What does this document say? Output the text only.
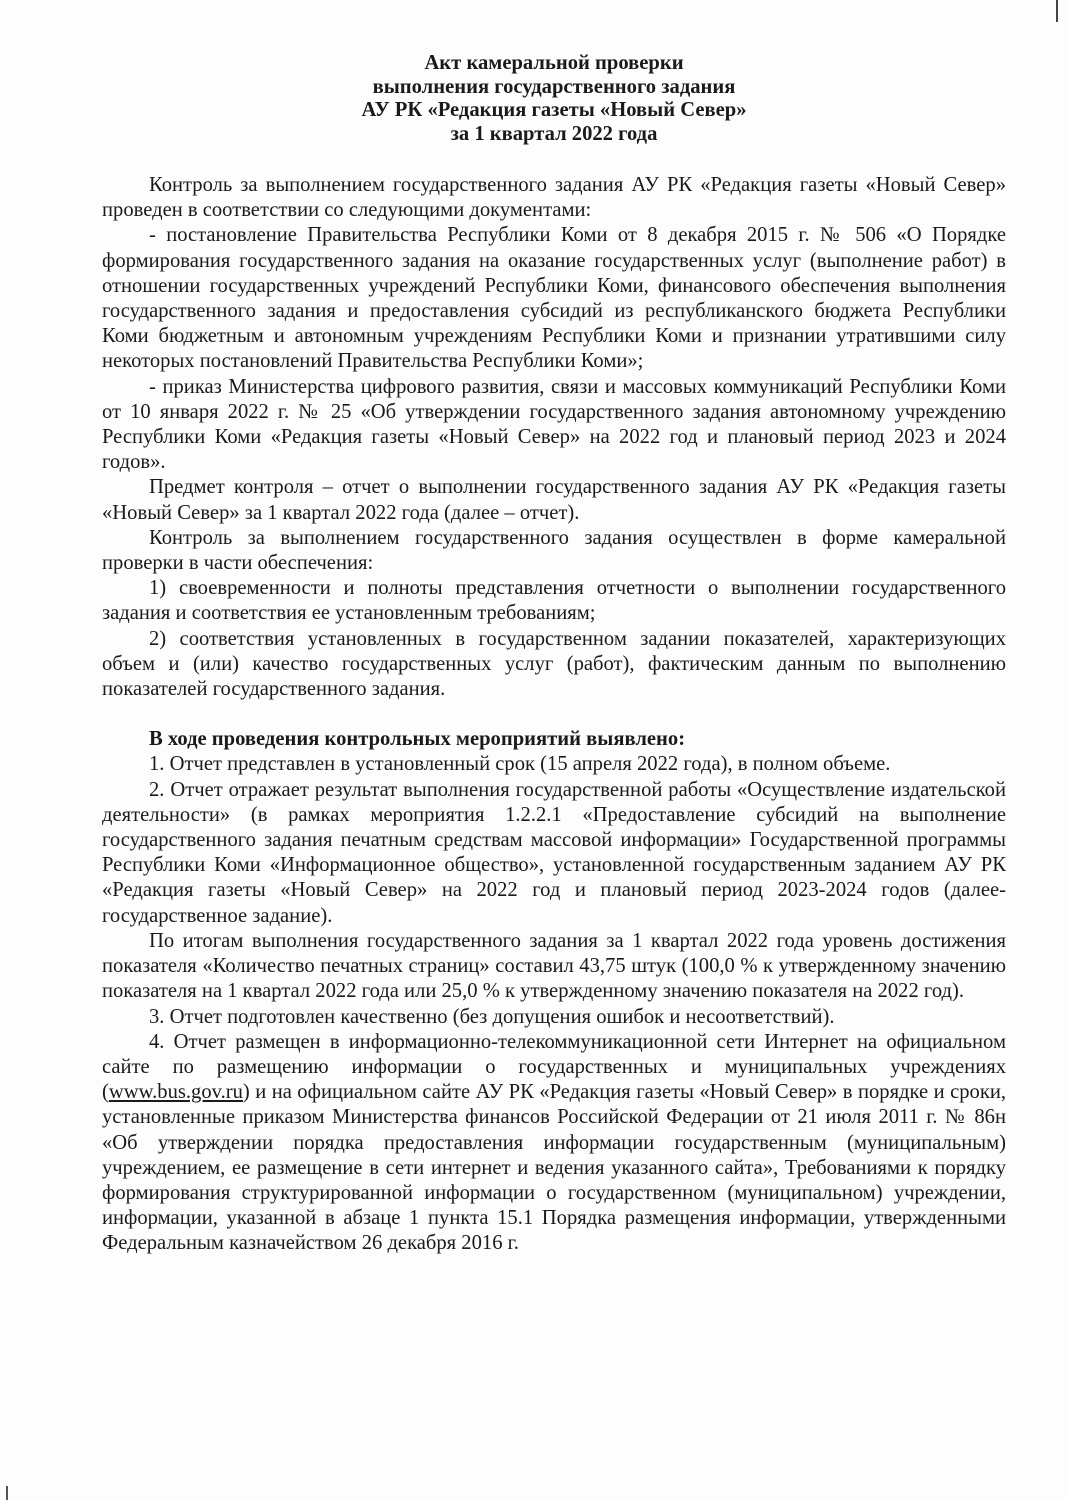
Акт камеральной проверки
выполнения государственного задания
АУ РК «Редакция газеты «Новый Север»
за 1 квартал 2022 года

Контроль за выполнением государственного задания АУ РК «Редакция газеты «Новый Север» проведен в соответствии со следующими документами:

- постановление Правительства Республики Коми от 8 декабря 2015 г. № 506 «О Порядке формирования государственного задания на оказание государственных услуг (выполнение работ) в отношении государственных учреждений Республики Коми, финансового обеспечения выполнения государственного задания и предоставления субсидий из республиканского бюджета Республики Коми бюджетным и автономным учреждениям Республики Коми и признании утратившими силу некоторых постановлений Правительства Республики Коми»;

- приказ Министерства цифрового развития, связи и массовых коммуникаций Республики Коми от 10 января 2022 г. № 25 «Об утверждении государственного задания автономному учреждению Республики Коми «Редакция газеты «Новый Север» на 2022 год и плановый период 2023 и 2024 годов».

Предмет контроля – отчет о выполнении государственного задания АУ РК «Редакция газеты «Новый Север» за 1 квартал 2022 года (далее – отчет).

Контроль за выполнением государственного задания осуществлен в форме камеральной проверки в части обеспечения:

1) своевременности и полноты представления отчетности о выполнении государственного задания и соответствия ее установленным требованиям;

2) соответствия установленных в государственном задании показателей, характеризующих объем и (или) качество государственных услуг (работ), фактическим данным по выполнению показателей государственного задания.

В ходе проведения контрольных мероприятий выявлено:

1. Отчет представлен в установленный срок (15 апреля 2022 года), в полном объеме.

2. Отчет отражает результат выполнения государственной работы «Осуществление издательской деятельности» (в рамках мероприятия 1.2.2.1 «Предоставление субсидий на выполнение государственного задания печатным средствам массовой информации» Государственной программы Республики Коми «Информационное общество», установленной государственным заданием АУ РК «Редакция газеты «Новый Север» на 2022 год и плановый период 2023-2024 годов (далее-государственное задание).

По итогам выполнения государственного задания за 1 квартал 2022 года уровень достижения показателя «Количество печатных страниц» составил 43,75 штук (100,0 % к утвержденному значению показателя на 1 квартал 2022 года или 25,0 % к утвержденному значению показателя на 2022 год).

3. Отчет подготовлен качественно (без допущения ошибок и несоответствий).

4. Отчет размещен в информационно-телекоммуникационной сети Интернет на официальном сайте по размещению информации о государственных и муниципальных учреждениях (www.bus.gov.ru) и на официальном сайте АУ РК «Редакция газеты «Новый Север» в порядке и сроки, установленные приказом Министерства финансов Российской Федерации от 21 июля 2011 г. № 86н «Об утверждении порядка предоставления информации государственным (муниципальным) учреждением, ее размещение в сети интернет и ведения указанного сайта», Требованиями к порядку формирования структурированной информации о государственном (муниципальном) учреждении, информации, указанной в абзаце 1 пункта 15.1 Порядка размещения информации, утвержденными Федеральным казначейством 26 декабря 2016 г.
